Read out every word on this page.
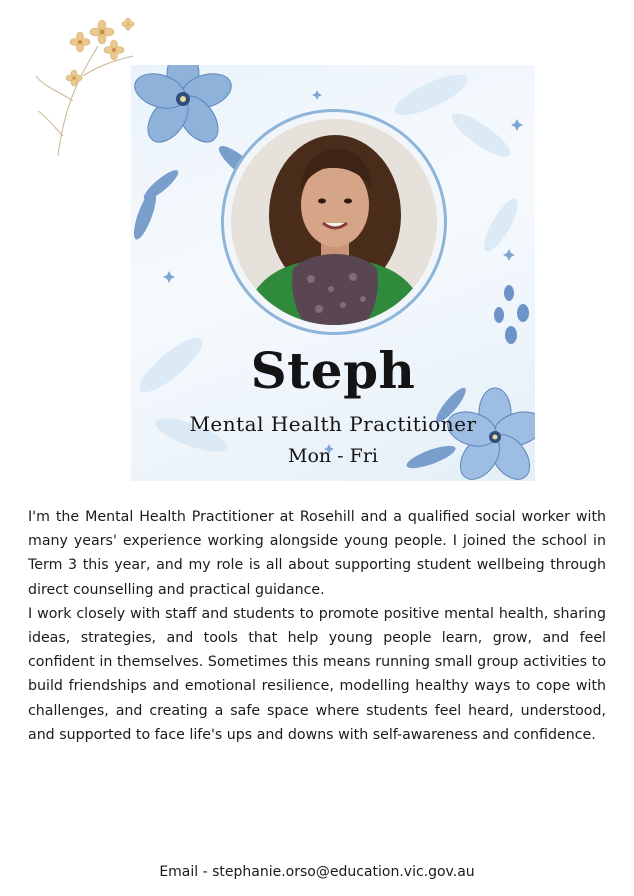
Steph
Mental Health Practitioner
Mon - Fri

I'm the Mental Health Practitioner at Rosehill and a qualified social worker with many years' experience working alongside young people. I joined the school in Term 3 this year, and my role is all about supporting student wellbeing through direct counselling and practical guidance.

I work closely with staff and students to promote positive mental health, sharing ideas, strategies, and tools that help young people learn, grow, and feel confident in themselves. Sometimes this means running small group activities to build friendships and emotional resilience, modelling healthy ways to cope with challenges, and creating a safe space where students feel heard, understood, and supported to face life's ups and downs with self-awareness and confidence.

Email - stephanie.orso@education.vic.gov.au
